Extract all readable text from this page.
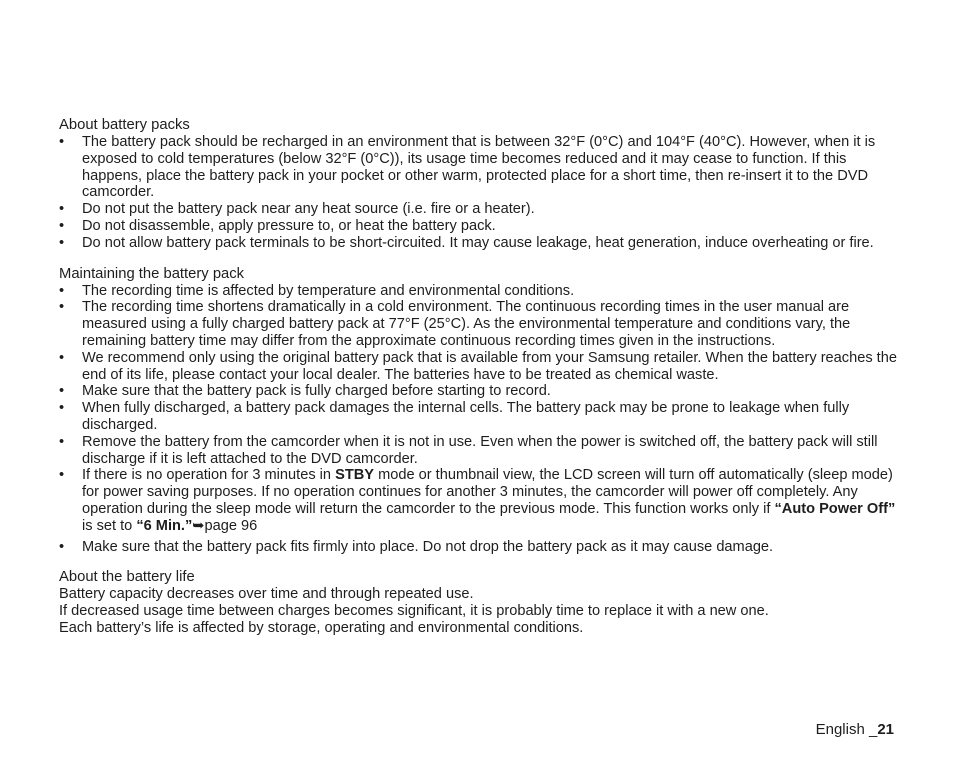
About battery packs
• The battery pack should be recharged in an environment that is between 32°F (0°C) and 104°F (40°C). However, when it is exposed to cold temperatures (below 32°F (0°C)), its usage time becomes reduced and it may cease to function. If this happens, place the battery pack in your pocket or other warm, protected place for a short time, then re-insert it to the DVD camcorder.
• Do not put the battery pack near any heat source (i.e. fire or a heater).
• Do not disassemble, apply pressure to, or heat the battery pack.
• Do not allow battery pack terminals to be short-circuited. It may cause leakage, heat generation, induce overheating or fire.
Maintaining the battery pack
• The recording time is affected by temperature and environmental conditions.
• The recording time shortens dramatically in a cold environment. The continuous recording times in the user manual are measured using a fully charged battery pack at 77°F (25°C). As the environmental temperature and conditions vary, the remaining battery time may differ from the approximate continuous recording times given in the instructions.
• We recommend only using the original battery pack that is available from your Samsung retailer. When the battery reaches the end of its life, please contact your local dealer. The batteries have to be treated as chemical waste.
• Make sure that the battery pack is fully charged before starting to record.
• When fully discharged, a battery pack damages the internal cells. The battery pack may be prone to leakage when fully discharged.
• Remove the battery from the camcorder when it is not in use. Even when the power is switched off, the battery pack will still discharge if it is left attached to the DVD camcorder.
• If there is no operation for 3 minutes in STBY mode or thumbnail view, the LCD screen will turn off automatically (sleep mode) for power saving purposes. If no operation continues for another 3 minutes, the camcorder will power off completely. Any operation during the sleep mode will return the camcorder to the previous mode. This function works only if “Auto Power Off” is set to “6 Min.”➥page 96
• Make sure that the battery pack fits firmly into place. Do not drop the battery pack as it may cause damage.
About the battery life

Battery capacity decreases over time and through repeated use.

If decreased usage time between charges becomes significant, it is probably time to replace it with a new one.

Each battery’s life is affected by storage, operating and environmental conditions.

English _21
